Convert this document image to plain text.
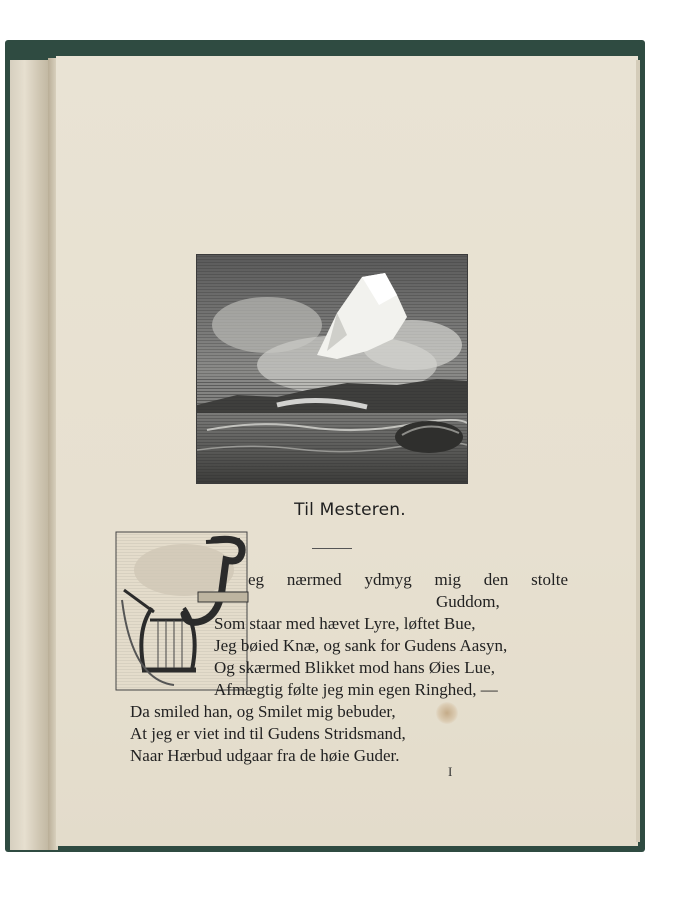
Til Mesteren.
eg nærmed ydmyg mig den stolte
Guddom,
Som staar med hævet Lyre, løftet Bue,
Jeg bøied Knæ, og sank for Gudens Aasyn,
Og skærmed Blikket mod hans Øies Lue,
Afmægtig følte jeg min egen Ringhed, —
Da smiled han, og Smilet mig bebuder,
At jeg er viet ind til Gudens Stridsmand,
Naar Hærbud udgaar fra de høie Guder.
I
